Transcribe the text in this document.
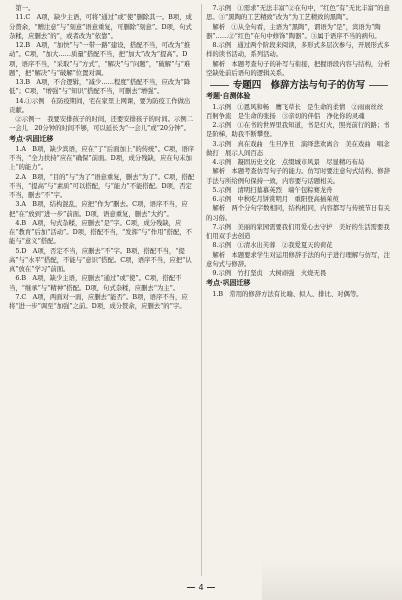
第一。

11.C　A项，缺少主语，可将“通过”或“使”删除其一。B项，成分赘余，“赠注意”与“刻意”语意重复，可删除“刻意”。D项，句式杂糅，应删去“的”，或者改为“依靠”。

12.B　A项，“加快”与“一带一路”建设，搭配不当，可改为“推动”。C项，“加大……质量”搭配不当，把“加大”改为“提高”。D项，语序不当，“采取”与“方式”，“解决”与“问题”，“破解”与“难题”，把“解决”与“破解”位置对调。

13.B　A项，不合逻辑，“减少……程度”搭配不当，应改为“降低”；C项，“增强”与“知识”搭配不当，可删去“增强”。

14.①示例　在防疫期间，宅在家里上网课，要为防疫工作做出贡献。

②示例一　我要安排孩子的时间，还要安排孩子的时间。示例二　一会儿　20分钟的时间不够，可以延长为“一会儿”或“20分钟”。

考点·巩固迁移

1.A　B项，缺少宾语，应在“了”后面加上“的传统”。C项，语序不当，“全力扶持”应在“确保”前面。D项，成分残缺，应在句末加上“的能力”。

2.A　B项，“目的”与“为了”语意重复，删去“为了”。C项，搭配不当，“提高”与“素质”可以搭配，与“能力”不能搭配。D项，否定不当，删去“不”字。

3.A　B项，结构混乱，应把“作为”删去。C项，语序不当，应把“在”放到“进一步”前面。D项，语意重复，删去“大约”。

4.B　A项，句式杂糅，应删去“是”字。C项，成分残缺，应在“教育”后加“活动”。D项，搭配不当，“发挥”与“作用”搭配，不能与“意义”搭配。

5.D　A项，否定不当，应删去“不”字。B项，搭配不当，“提高”与“水平”搭配，不能与“意识”搭配。C项，语序不当，应把“认真”放在“学习”前面。

6.B　A项，缺少主语，应删去“通过”或“使”。C项，搭配不当，“继承”与“精神”搭配。D项，句式杂糅，应删去“为主”。

7.C　A项，两面对一面，应删去“能否”。B项，语序不当，应将“进一步”调至“加强”之前。D项，成分赘余，应删去“的”字。

7.示例　①需求”无法丰富”②在句中，“红色”有“无比丰富”的意思。③“黑陶的工艺精致”改为“为工艺精致的黑陶”。

解析　①从全句看，主语为“黑陶”，谓语为“是”，宾语为“陶器”……②“红色”在句中修饰“陶器”。③属于语序不当的病句。

8.示例　通过两个阶段来阅读，多形式多层次参与，开展形式多样的读书活动，系列活动。

解析　本题考查句子的补写与衔接，把握语段内容与结构，分析空缺处前后语句的逻辑关系。

专题四　修辞方法与句子的仿写

考题·自测体验

1.示例　①恩风和畅　鹰飞草长　是生命的柔情　②雨雨丝丝　百舸争流　是生命的张扬　③亲切的伴侣　净化你的灵魂

2.示例　①在书的世界里我知道，书是灯火，照亮前行的路；书是阶梯，助我不断攀登。

3.示例　真在戏曲　生旦净丑　演绎悲欢离合　美在戏曲　唱念做打　展示人间百态

4.示例　凝固历史文化　点缀城市风景　尽显精巧布局

解析　本题考查仿写句子的能力。仿写时要注意句式结构、修辞手法与所给例句保持一致，内容要与话题相关。

5.示例　清明扫墓慕英烈　端午包粽赛龙舟

6.示例　中秋吃月饼赏明月　重阳登高插茱萸

解析　两个分句字数相同，结构相同，内容都写与传统节日有关的习俗。

7.示例　美丽的家园需要我们用爱心去守护　美好的生活需要我们用双手去创造

8.示例　①清水出芙蓉　②我爱夏天的荷花

解析　本题要求学生对运用修辞手法的句子进行理解与仿写，注意句式与修辞。

9.示例　竹打坚贞　大树顽强　火烧无畏

考点·巩固迁移

1.B　常用的修辞方法有比喻、拟人、排比、对偶等。

4
